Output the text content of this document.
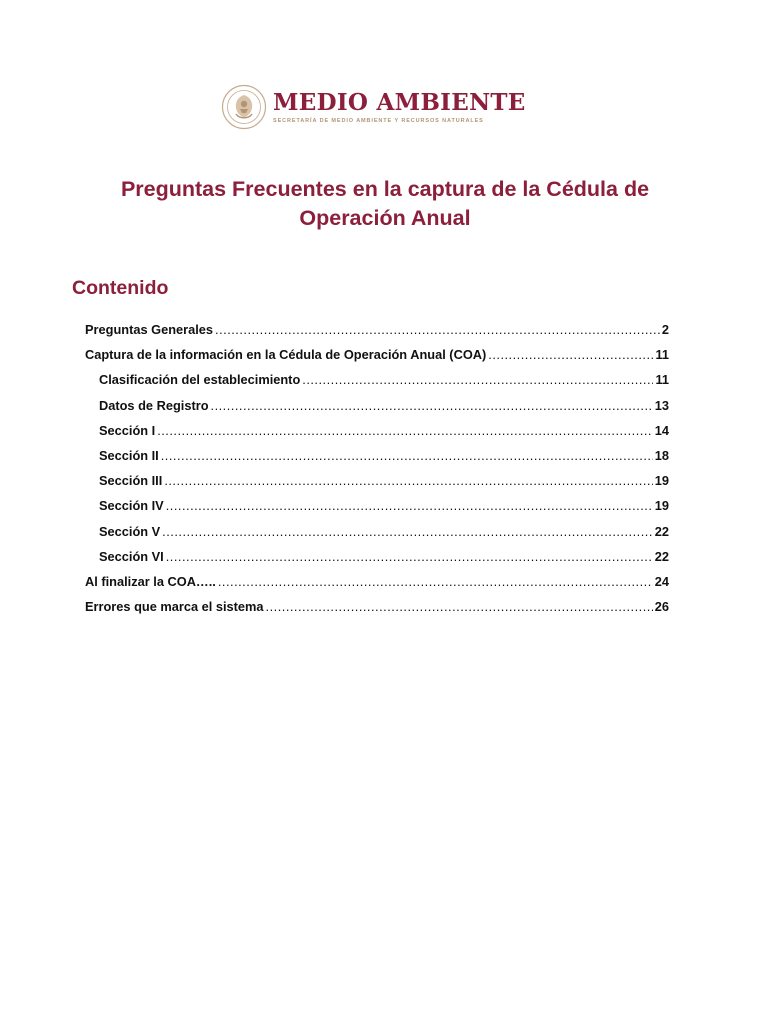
MEDIO AMBIENTE
SECRETARÍA DE MEDIO AMBIENTE Y RECURSOS NATURALES
Preguntas Frecuentes en la captura de la Cédula de
Operación Anual
Contenido
Preguntas Generales .....	2
Captura de la información en la Cédula de Operación Anual (COA) .....	11
Clasificación del establecimiento .....	11
Datos de Registro .....	13
Sección I .....	14
Sección II .....	18
Sección III .....	19
Sección IV .....	19
Sección V .....	22
Sección VI .....	22
Al finalizar la COA….. .....	24
Errores que marca el sistema .....	26
